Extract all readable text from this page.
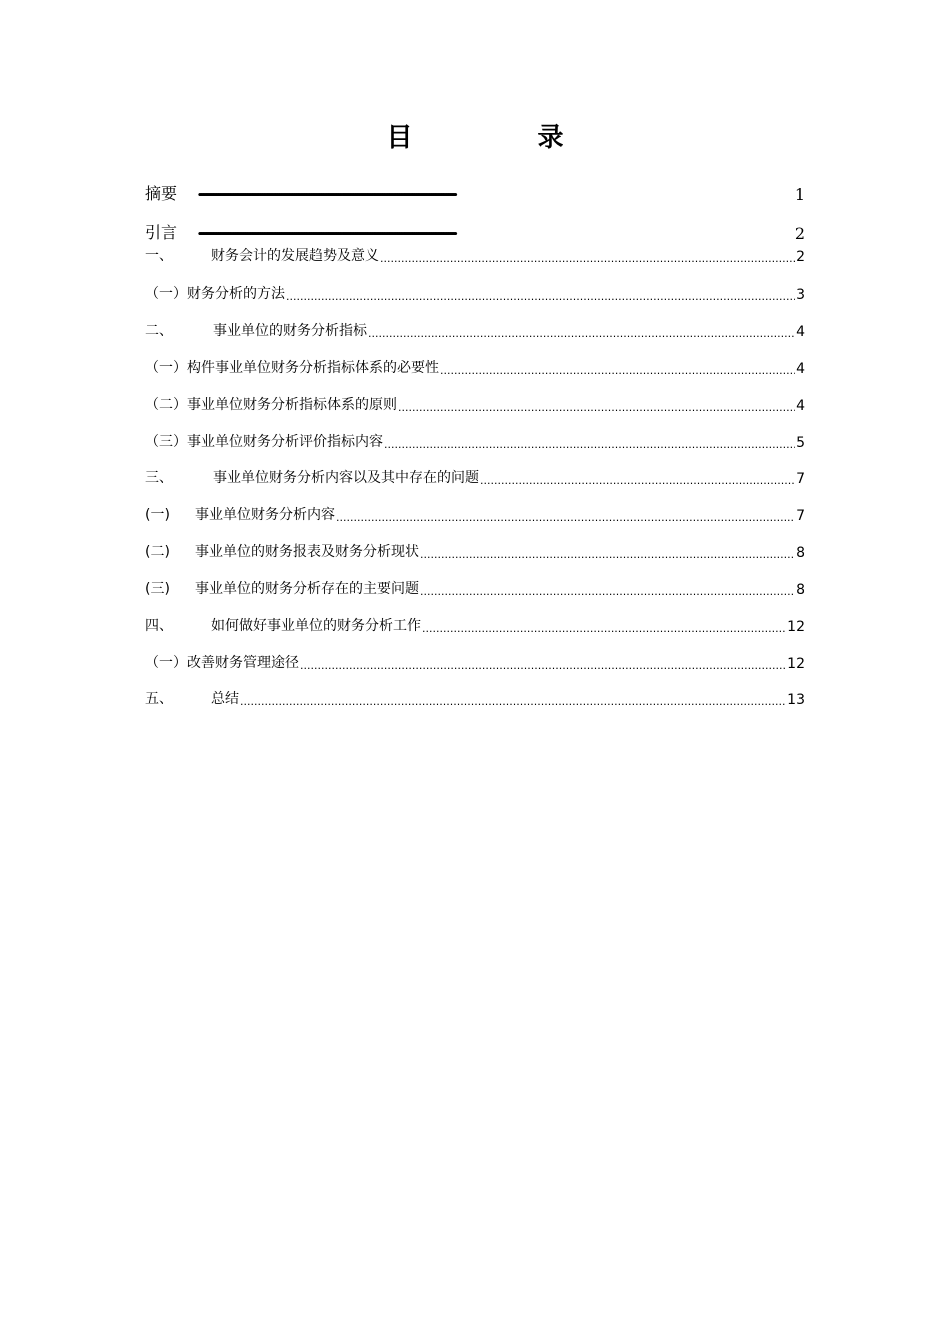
目 录
摘要 ·····	1
引言 ·····	2
一、	财务会计的发展趋势及意义 .....	2
（一）财务分析的方法 .....	3
二、	事业单位的财务分析指标 .....	4
（一）构件事业单位财务分析指标体系的必要性 .....	4
（二）事业单位财务分析指标体系的原则 .....	4
（三）事业单位财务分析评价指标内容 .....	5
三、	事业单位财务分析内容以及其中存在的问题 .....	7
(一)	事业单位财务分析内容 .....	7
(二)	事业单位的财务报表及财务分析现状 .....	8
(三)	事业单位的财务分析存在的主要问题 .....	8
四、	如何做好事业单位的财务分析工作 .....	12
（一）改善财务管理途径 .....	12
五、	总结 .....	13
